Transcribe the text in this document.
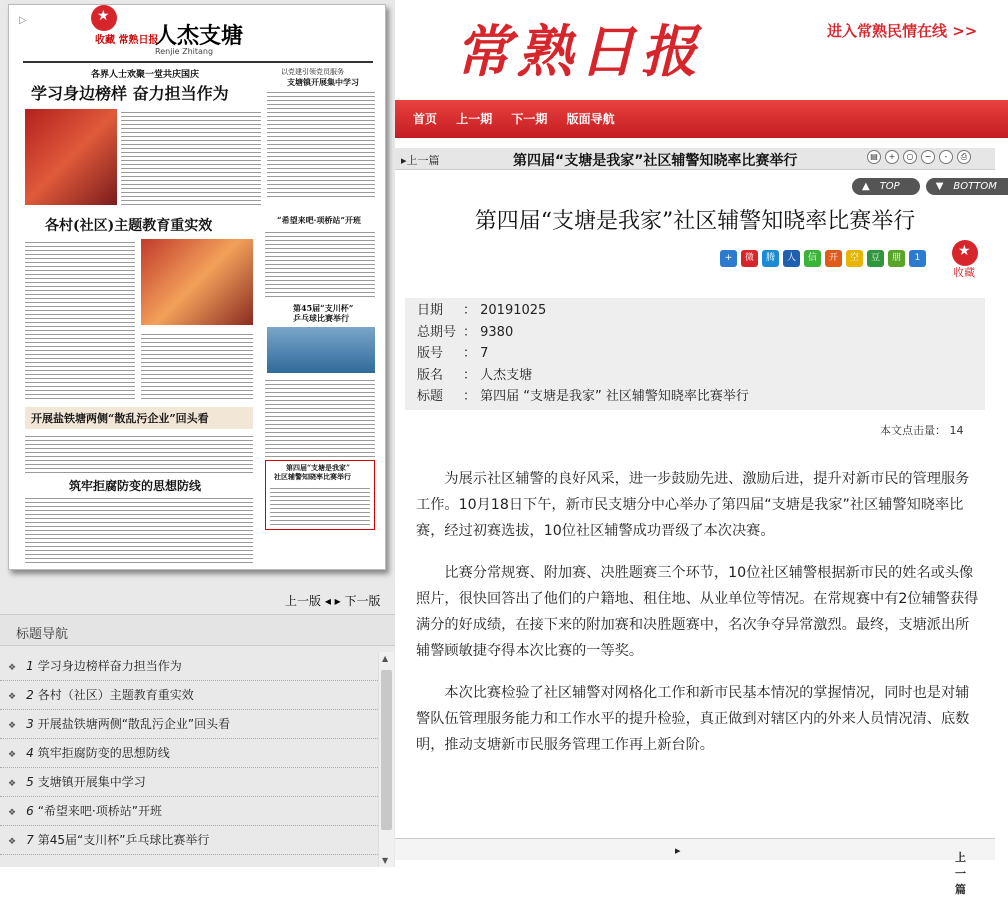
▷
★
收藏 常熟日报
人杰支塘
Renjie Zhitang
各界人士欢聚一堂共庆国庆
学习身边榜样 奋力担当作为
以党建引领党员服务
支塘镇开展集中学习
各村(社区)主题教育重实效	“希望来吧·项桥站”开班
第45届“支川杯”
乒乓球比赛举行
开展盐铁塘两侧“散乱污企业”回头看
筑牢拒腐防变的思想防线
第四届“支塘是我家”
社区辅警知晓率比赛举行
上一版 ◂ ▸ 下一版
标题导航
❖ 1 学习身边榜样奋力担当作为
❖ 2 各村（社区）主题教育重实效
❖ 3 开展盐铁塘两侧“散乱污企业”回头看
❖ 4 筑牢拒腐防变的思想防线
❖ 5 支塘镇开展集中学习
❖ 6 “希望来吧·项桥站”开班
❖ 7 第45届“支川杯”乒乓球比赛举行
▲
▼
常熟日报	进入常熟民情在线 >>
首页 上一期 下一期 版面导航
▸上一篇	第四届“支塘是我家”社区辅警知晓率比赛举行	▤	+	○	−	-	⎙
▲ TOP	▼ BOTTOM
第四届“支塘是我家”社区辅警知晓率比赛举行
+	微	腾	人	信	开	空	豆	朋	1
★
收藏
日期 ： 20191025
总期号 ： 9380
版号 ： 7
版名 ： 人杰支塘
标题 ： 第四届 “支塘是我家” 社区辅警知晓率比赛举行
本文点击量： 14

为展示社区辅警的良好风采，进一步鼓励先进、激励后进，提升对新市民的管理服务工作。10月18日下午，新市民支塘分中心举办了第四届“支塘是我家”社区辅警知晓率比赛，经过初赛选拔，10位社区辅警成功晋级了本次决赛。

比赛分常规赛、附加赛、决胜题赛三个环节，10位社区辅警根据新市民的姓名或头像照片，很快回答出了他们的户籍地、租住地、从业单位等情况。在常规赛中有2位辅警获得满分的好成绩，在接下来的附加赛和决胜题赛中，名次争夺异常激烈。最终，支塘派出所辅警顾敏捷夺得本次比赛的一等奖。

本次比赛检验了社区辅警对网格化工作和新市民基本情况的掌握情况，同时也是对辅警队伍管理服务能力和工作水平的提升检验，真正做到对辖区内的外来人员情况清、底数明，推动支塘新市民服务管理工作再上新台阶。

▸
上一篇
